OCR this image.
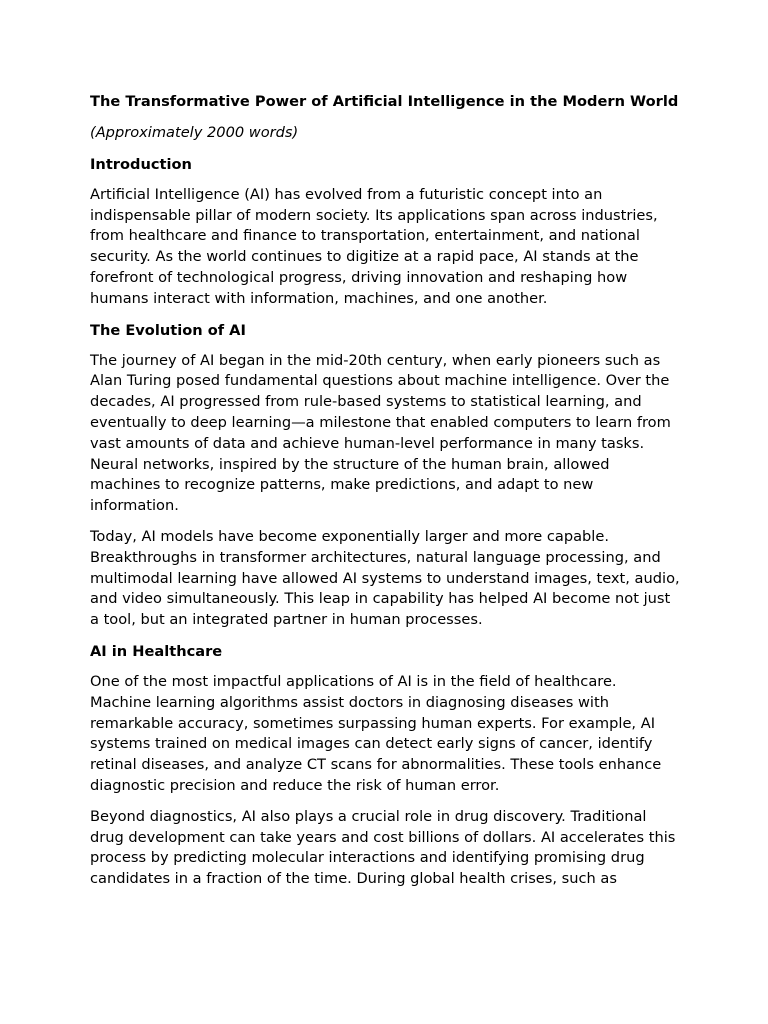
The Transformative Power of Artificial Intelligence in the Modern World
(Approximately 2000 words)
Introduction

Artificial Intelligence (AI) has evolved from a futuristic concept into an indispensable pillar of modern society. Its applications span across industries, from healthcare and finance to transportation, entertainment, and national security. As the world continues to digitize at a rapid pace, AI stands at the forefront of technological progress, driving innovation and reshaping how humans interact with information, machines, and one another.

The Evolution of AI

The journey of AI began in the mid-20th century, when early pioneers such as Alan Turing posed fundamental questions about machine intelligence. Over the decades, AI progressed from rule-based systems to statistical learning, and eventually to deep learning—a milestone that enabled computers to learn from vast amounts of data and achieve human-level performance in many tasks. Neural networks, inspired by the structure of the human brain, allowed machines to recognize patterns, make predictions, and adapt to new information.

Today, AI models have become exponentially larger and more capable. Breakthroughs in transformer architectures, natural language processing, and multimodal learning have allowed AI systems to understand images, text, audio, and video simultaneously. This leap in capability has helped AI become not just a tool, but an integrated partner in human processes.

AI in Healthcare

One of the most impactful applications of AI is in the field of healthcare. Machine learning algorithms assist doctors in diagnosing diseases with remarkable accuracy, sometimes surpassing human experts. For example, AI systems trained on medical images can detect early signs of cancer, identify retinal diseases, and analyze CT scans for abnormalities. These tools enhance diagnostic precision and reduce the risk of human error.

Beyond diagnostics, AI also plays a crucial role in drug discovery. Traditional drug development can take years and cost billions of dollars. AI accelerates this process by predicting molecular interactions and identifying promising drug candidates in a fraction of the time. During global health crises, such as
